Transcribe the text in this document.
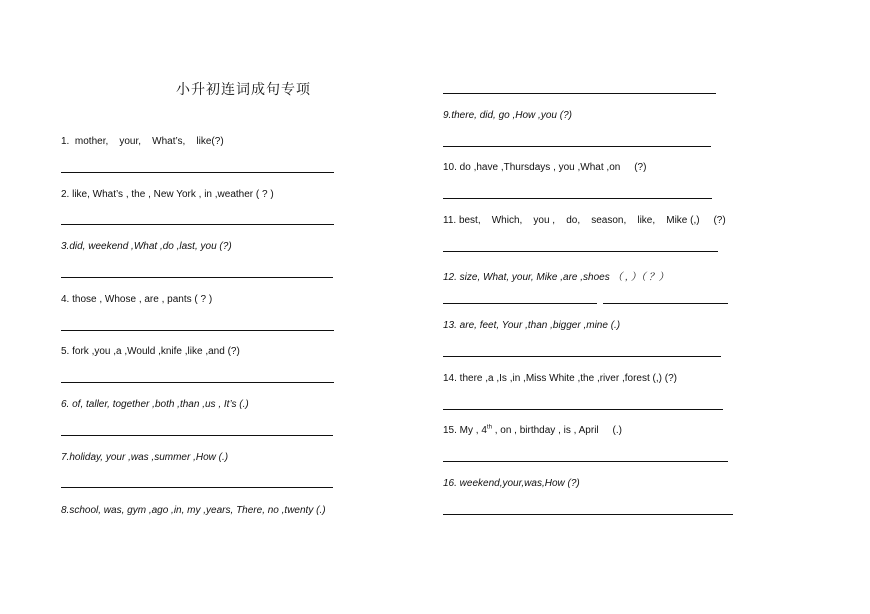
小升初连词成句专项
1.  mother,    your,    What’s,    like(?)
2. like, What’s , the , New York , in ,weather ( ? )
3.did, weekend ,What ,do ,last, you (?)
4. those , Whose , are , pants ( ? )
5. fork ,you ,a ,Would ,knife ,like ,and (?)
6. of, taller, together ,both ,than ,us , It’s (.)
7.holiday, your ,was ,summer ,How (.)
8.school, was, gym ,ago ,in, my ,years, There, no ,twenty (.)
9.there, did, go ,How ,you (?)
10. do ,have ,Thursdays , you ,What ,on     (?)
11. best,    Which,    you ,    do,    season,    like,    Mike (,)     (?)
12. size, What, your, Mike ,are ,shoes （ , ）（ ？）
13. are, feet, Your ,than ,bigger ,mine (.)
14. there ,a ,Is ,in ,Miss White ,the ,river ,forest (,) (?)
15. My , 4th , on , birthday , is , April     (.)
16. weekend,your,was,How (?)
